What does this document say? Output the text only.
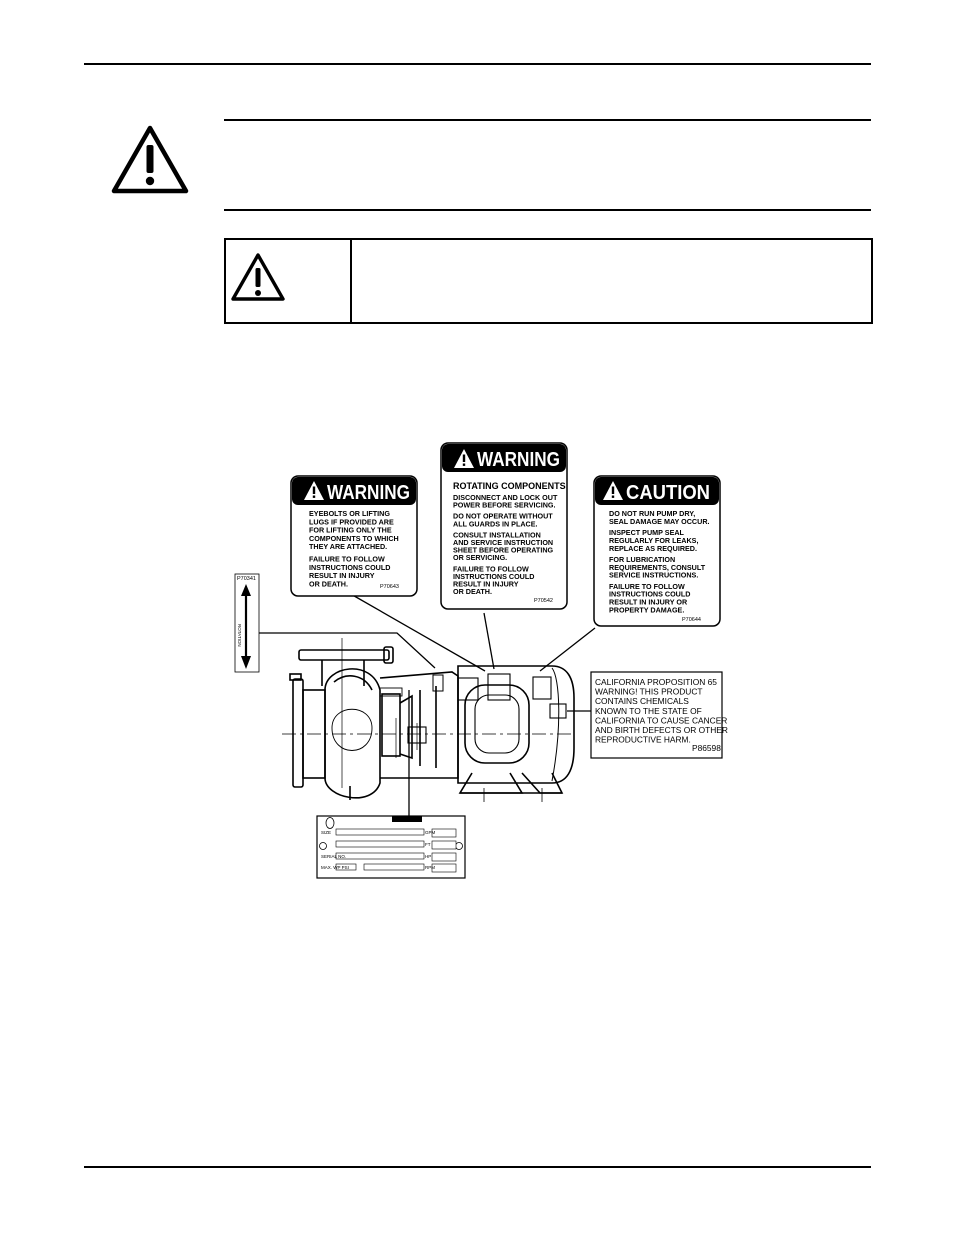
P70341
ROTATION
WARNING
EYEBOLTS OR LIFTING LUGS IF PROVIDED ARE FOR LIFTING ONLY THE COMPONENTS TO WHICH THEY ARE ATTACHED. FAILURE TO FOLLOW INSTRUCTIONS COULD RESULT IN INJURY OR DEATH.	P70643
WARNING
ROTATING COMPONENTS
DISCONNECT AND LOCK OUT POWER BEFORE SERVICING. DO NOT OPERATE WITHOUT ALL GUARDS IN PLACE. CONSULT INSTALLATION AND SERVICE INSTRUCTION SHEET BEFORE OPERATING OR SERVICING. FAILURE TO FOLLOW INSTRUCTIONS COULD RESULT IN INJURY OR DEATH.
P70542
CAUTION
DO NOT RUN PUMP DRY, SEAL DAMAGE MAY OCCUR. INSPECT PUMP SEAL REGULARLY FOR LEAKS, REPLACE AS REQUIRED. FOR LUBRICATION REQUIREMENTS, CONSULT SERVICE INSTRUCTIONS. FAILURE TO FOLLOW INSTRUCTIONS COULD RESULT IN INJURY OR PROPERTY DAMAGE.
P70644
SIZE
SERIAL NO.
MAX. WP PSI
GPM
FT
HP
RPM
CALIFORNIA PROPOSITION 65 WARNING! THIS PRODUCT CONTAINS CHEMICALS KNOWN TO THE STATE OF CALIFORNIA TO CAUSE CANCER AND BIRTH DEFECTS OR OTHER REPRODUCTIVE HARM.
P86598
